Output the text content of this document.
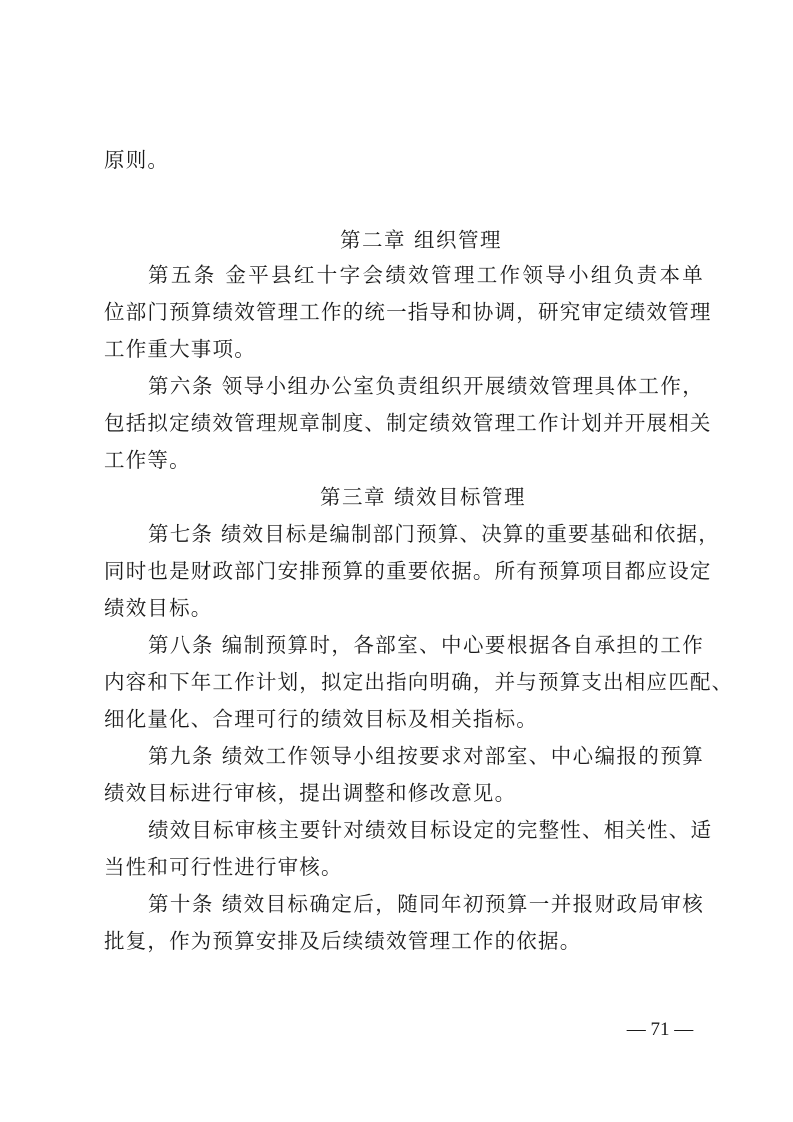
原则。
第二章 组织管理
第五条 金平县红十字会绩效管理工作领导小组负责本单
位部门预算绩效管理工作的统一指导和协调，研究审定绩效管理
工作重大事项。
第六条 领导小组办公室负责组织开展绩效管理具体工作，
包括拟定绩效管理规章制度、制定绩效管理工作计划并开展相关
工作等。
第三章 绩效目标管理
第七条 绩效目标是编制部门预算、决算的重要基础和依据，
同时也是财政部门安排预算的重要依据。所有预算项目都应设定
绩效目标。
第八条 编制预算时，各部室、中心要根据各自承担的工作
内容和下年工作计划，拟定出指向明确，并与预算支出相应匹配、
细化量化、合理可行的绩效目标及相关指标。
第九条 绩效工作领导小组按要求对部室、中心编报的预算
绩效目标进行审核，提出调整和修改意见。
绩效目标审核主要针对绩效目标设定的完整性、相关性、适
当性和可行性进行审核。
第十条 绩效目标确定后，随同年初预算一并报财政局审核
批复，作为预算安排及后续绩效管理工作的依据。
— 71 —
